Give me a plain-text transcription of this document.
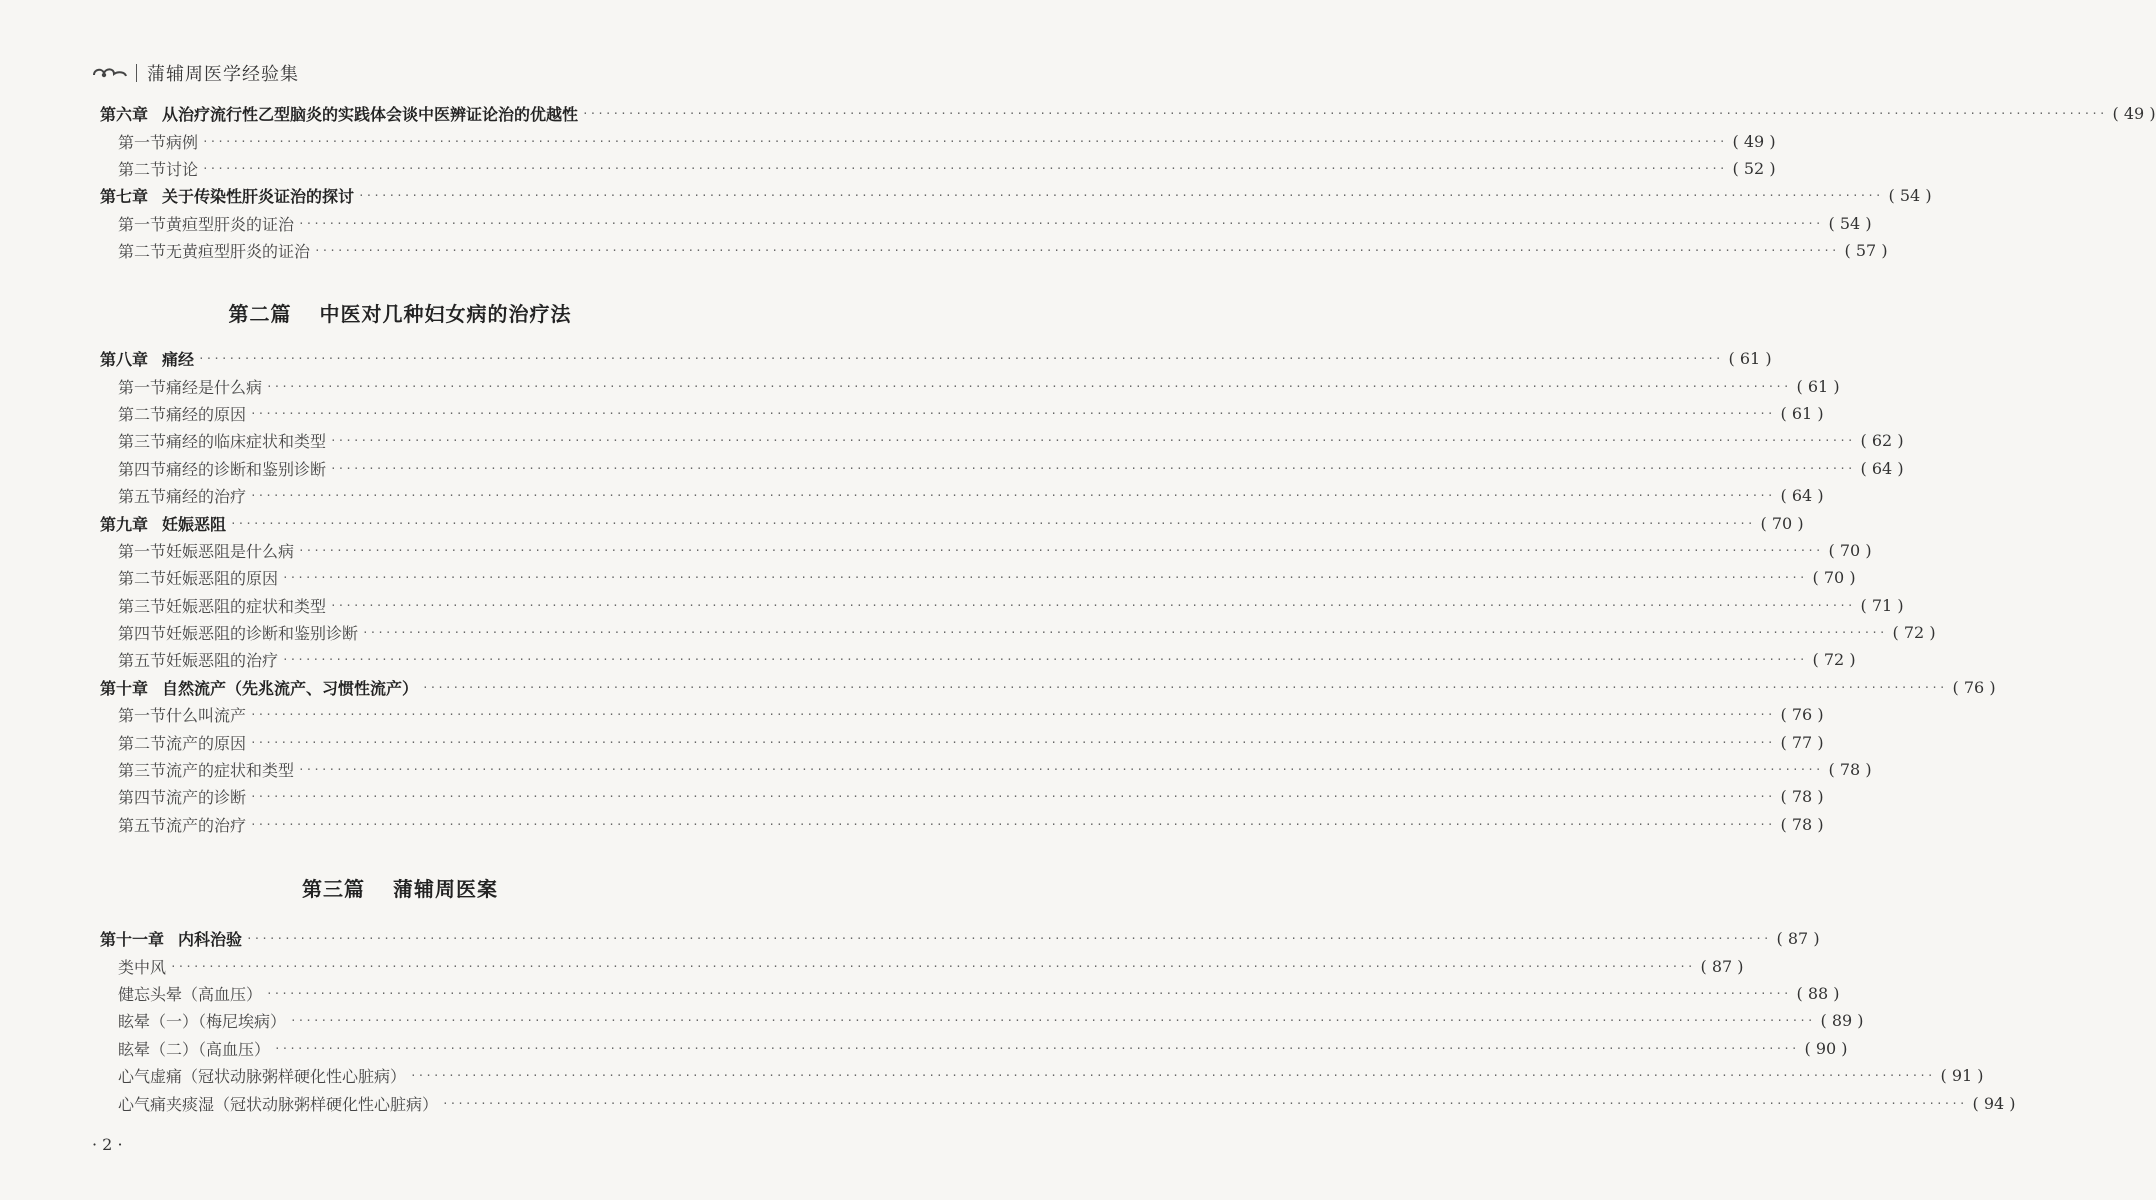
蒲辅周医学经验集
第六章 从治疗流行性乙型脑炎的实践体会谈中医辨证论治的优越性 ········································································································································································································ ( 49 )
第一节 病例 ········································································································································································································ ( 49 )
第二节 讨论 ········································································································································································································ ( 52 )
第七章 关于传染性肝炎证治的探讨 ········································································································································································································ ( 54 )
第一节 黄疸型肝炎的证治 ········································································································································································································ ( 54 )
第二节 无黄疸型肝炎的证治 ········································································································································································································ ( 57 )
第二篇 中医对几种妇女病的治疗法
第八章 痛经 ········································································································································································································ ( 61 )
第一节 痛经是什么病 ········································································································································································································ ( 61 )
第二节 痛经的原因 ········································································································································································································ ( 61 )
第三节 痛经的临床症状和类型 ········································································································································································································ ( 62 )
第四节 痛经的诊断和鉴别诊断 ········································································································································································································ ( 64 )
第五节 痛经的治疗 ········································································································································································································ ( 64 )
第九章 妊娠恶阻 ········································································································································································································ ( 70 )
第一节 妊娠恶阻是什么病 ········································································································································································································ ( 70 )
第二节 妊娠恶阻的原因 ········································································································································································································ ( 70 )
第三节 妊娠恶阻的症状和类型 ········································································································································································································ ( 71 )
第四节 妊娠恶阻的诊断和鉴别诊断 ········································································································································································································ ( 72 )
第五节 妊娠恶阻的治疗 ········································································································································································································ ( 72 )
第十章 自然流产（先兆流产、习惯性流产） ········································································································································································································ ( 76 )
第一节 什么叫流产 ········································································································································································································ ( 76 )
第二节 流产的原因 ········································································································································································································ ( 77 )
第三节 流产的症状和类型 ········································································································································································································ ( 78 )
第四节 流产的诊断 ········································································································································································································ ( 78 )
第五节 流产的治疗 ········································································································································································································ ( 78 )
第三篇 蒲辅周医案
第十一章 内科治验 ········································································································································································································ ( 87 )
类中风 ········································································································································································································ ( 87 )
健忘头晕（高血压） ········································································································································································································ ( 88 )
眩晕（一）（梅尼埃病） ········································································································································································································ ( 89 )
眩晕（二）（高血压） ········································································································································································································ ( 90 )
心气虚痛（冠状动脉粥样硬化性心脏病） ········································································································································································································ ( 91 )
心气痛夹痰湿（冠状动脉粥样硬化性心脏病） ········································································································································································································ ( 94 )
· 2 ·
